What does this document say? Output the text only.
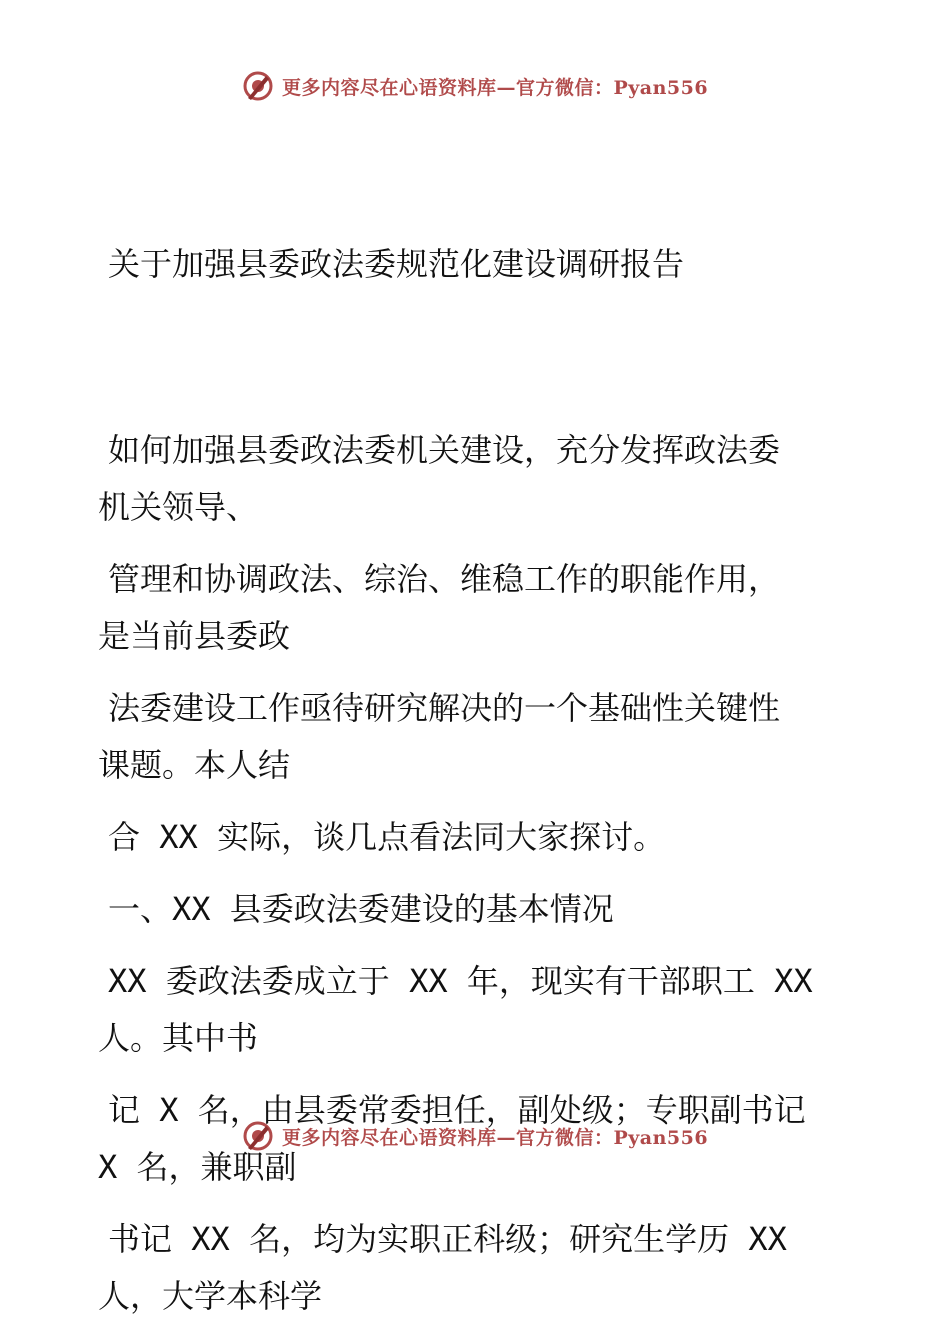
更多内容尽在心语资料库—官方微信：Pyan556

关于加强县委政法委规范化建设调研报告

如何加强县委政法委机关建设，充分发挥政法委
机关领导、
管理和协调政法、综治、维稳工作的职能作用，
是当前县委政
法委建设工作亟待研究解决的一个基础性关键性
课题。本人结
合 XX 实际，谈几点看法同大家探讨。
一、XX 县委政法委建设的基本情况
XX 委政法委成立于 XX 年，现实有干部职工 XX
人。其中书
记 X 名，由县委常委担任，副处级；专职副书记
X 名，兼职副
书记 XX 名，均为实职正科级；研究生学历 XX
人，大学本科学
更多内容尽在心语资料库—官方微信：Pyan556
